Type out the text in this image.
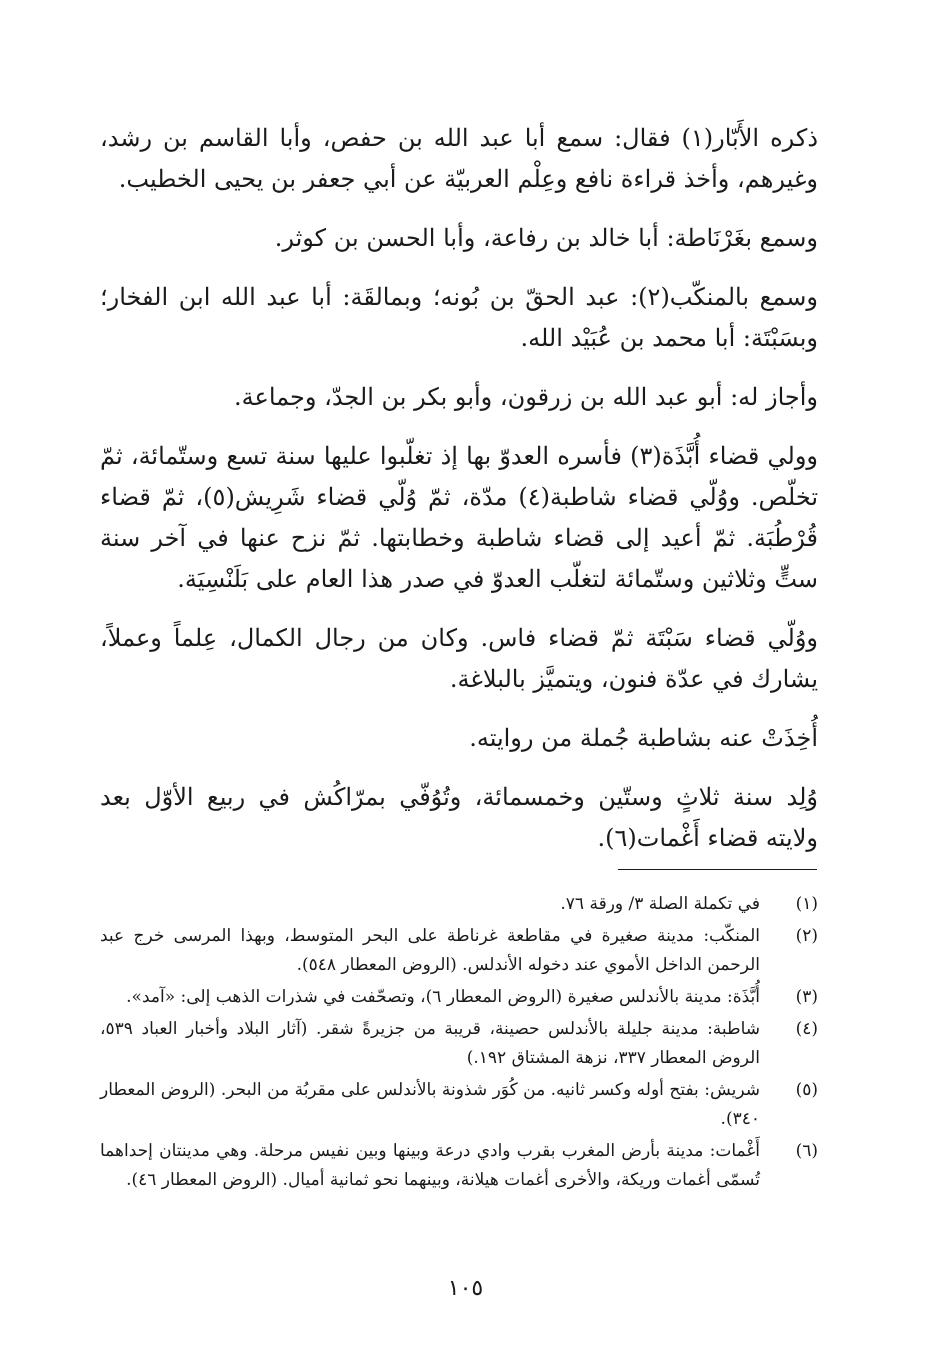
ذكره الأَبّار(١) فقال: سمع أبا عبد الله بن حفص، وأبا القاسم بن رشد، وغيرهم، وأخذ قراءة نافع وعِلْم العربيّة عن أبي جعفر بن يحيى الخطيب.

وسمع بغَرْنَاطة: أبا خالد بن رفاعة، وأبا الحسن بن كوثر.

وسمع بالمنكّب(٢): عبد الحقّ بن بُونه؛ وبمالقَة: أبا عبد الله ابن الفخار؛ وبسَبْتَة: أبا محمد بن عُبَيْد الله.

وأجاز له: أبو عبد الله بن زرقون، وأبو بكر بن الجدّ، وجماعة.

وولي قضاء أُبَّذَة(٣) فأسره العدوّ بها إذ تغلّبوا عليها سنة تسع وستّمائة، ثمّ تخلّص. ووُلّي قضاء شاطبة(٤) مدّة، ثمّ وُلّي قضاء شَرِيش(٥)، ثمّ قضاء قُرْطُبَة. ثمّ أعيد إلى قضاء شاطبة وخطابتها. ثمّ نزح عنها في آخر سنة ستٍّ وثلاثين وستّمائة لتغلّب العدوّ في صدر هذا العام على بَلَنْسِيَة.

ووُلّي قضاء سَبْتَة ثمّ قضاء فاس. وكان من رجال الكمال، عِلماً وعملاً، يشارك في عدّة فنون، ويتميَّز بالبلاغة.

أُخِذَتْ عنه بشاطبة جُملة من روايته.

وُلِد سنة ثلاثٍ وستّين وخمسمائة، وتُوُفّي بمرّاكُش في ربيع الأوّل بعد ولايته قضاء أَغْمات(٦).

(١)
في تكملة الصلة ٣/ ورقة ٧٦.
(٢)
المنكّب: مدينة صغيرة في مقاطعة غرناطة على البحر المتوسط، وبهذا المرسى خرج عبد الرحمن الداخل الأموي عند دخوله الأندلس. (الروض المعطار ٥٤٨).
(٣)
أُبَّذَة: مدينة بالأندلس صغيرة (الروض المعطار ٦)، وتصحّفت في شذرات الذهب إلى: «آمد».
(٤)
شاطبة: مدينة جليلة بالأندلس حصينة، قريبة من جزيرةً شقر. (آثار البلاد وأخبار العباد ٥٣٩، الروض المعطار ٣٣٧، نزهة المشتاق ١٩٢.)
(٥)
شريش: بفتح أوله وكسر ثانيه. من كُوَر شذونة بالأندلس على مقربُة من البحر. (الروض المعطار ٣٤٠).
(٦)
أَغْمات: مدينة بأرض المغرب بقرب وادي درعة وبينها وبين نفيس مرحلة. وهي مدينتان إحداهما تُسمّى أغمات وريكة، والأخرى أغمات هيلانة، وبينهما نحو ثمانية أميال. (الروض المعطار ٤٦).
١٠٥
